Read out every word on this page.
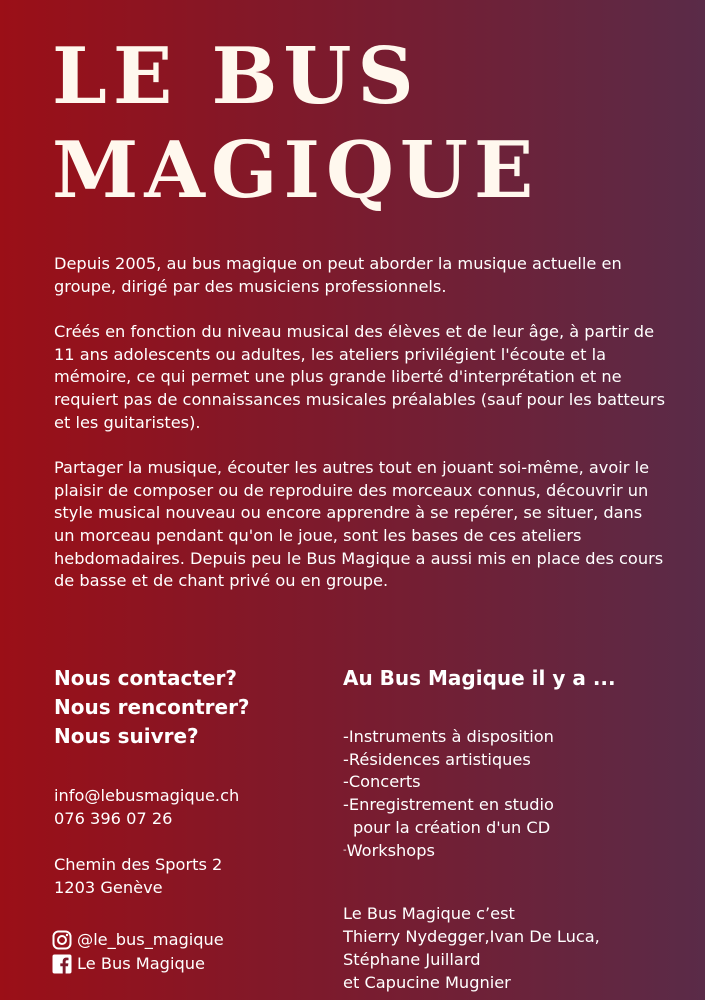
LE BUS
MAGIQUE

Depuis 2005, au bus magique on peut aborder la musique actuelle en groupe, dirigé par des musiciens professionnels.

Créés en fonction du niveau musical des élèves et de leur âge, à partir de 11 ans adolescents ou adultes, les ateliers privilégient l'écoute et la mémoire, ce qui permet une plus grande liberté d'interprétation et ne requiert pas de connaissances musicales préalables (sauf pour les batteurs et les guitaristes).

Partager la musique, écouter les autres tout en jouant soi-même, avoir le plaisir de composer ou de reproduire des morceaux connus, découvrir un style musical nouveau ou encore apprendre à se repérer, se situer, dans un morceau pendant qu'on le joue, sont les bases de ces ateliers hebdomadaires. Depuis peu le Bus Magique a aussi mis en place des cours de basse et de chant privé ou en groupe.

Nous contacter?
Nous rencontrer?
Nous suivre?
info@lebusmagique.ch
076 396 07 26
Chemin des Sports 2
1203 Genève
@le_bus_magique
Le Bus Magique
Au Bus Magique il y a ...
-Instruments à disposition
-Résidences artistiques
-Concerts
-Enregistrement en studio
pour la création d'un CD
-Workshops
Le Bus Magique c’est
Thierry Nydegger,Ivan De Luca,
Stéphane Juillard
et Capucine Mugnier
